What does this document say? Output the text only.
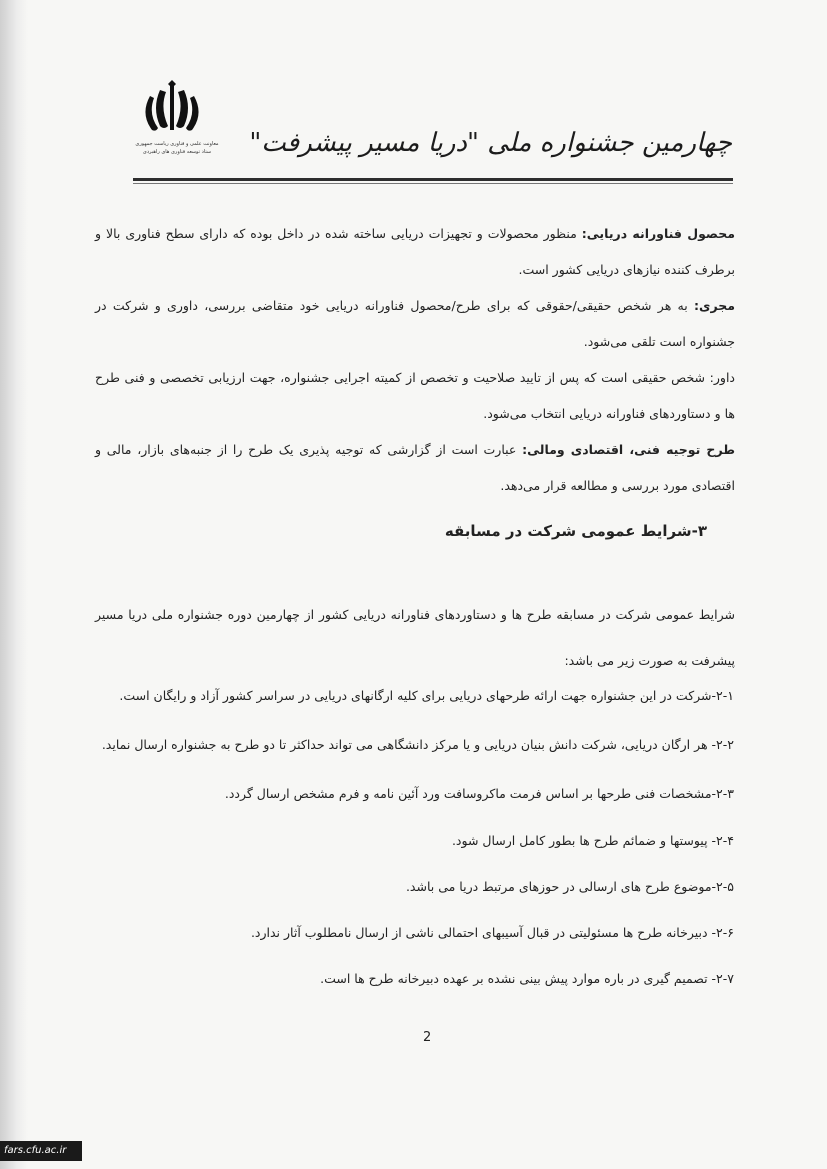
معاونت علمی و فناوری ریاست جمهوری ستاد توسعه فناوری های راهبردی	چهارمین جشنواره ملی "دریا مسیر پیشرفت"

محصول فناورانه دریایی: منظور محصولات و تجهیزات دریایی ساخته شده در داخل بوده که دارای سطح فناوری بالا و برطرف کننده نیازهای دریایی کشور است.

مجری: به هر شخص حقیقی/حقوقی که برای طرح/محصول فناورانه دریایی خود متقاضی بررسی، داوری و شرکت در جشنواره است تلقی می‌شود.

داور: شخص حقیقی است که پس از تایید صلاحیت و تخصص از کمیته اجرایی جشنواره، جهت ارزیابی تخصصی و فنی طرح ها و دستاوردهای فناورانه دریایی انتخاب می‌شود.

طرح توجیه فنی، اقتصادی ومالی: عبارت است از گزارشی که توجیه پذیری یک طرح را از جنبه‌های بازار، مالی و اقتصادی مورد بررسی و مطالعه قرار می‌دهد.

۳-شرایط عمومی شرکت در مسابقه

شرایط عمومی شرکت در مسابقه طرح ها و دستاوردهای فناورانه دریایی کشور از چهارمین دوره جشنواره ملی دریا مسیر پیشرفت به صورت زیر می باشد:

۲-۱-شرکت در این جشنواره جهت ارائه طرحهای دریایی برای کلیه ارگانهای دریایی در سراسر کشور آزاد و رایگان است.
۲-۲- هر ارگان دریایی، شرکت دانش بنیان دریایی و یا مرکز دانشگاهی می تواند حداکثر تا دو طرح به جشنواره ارسال نماید.
۲-۳-مشخصات فنی طرحها بر اساس فرمت ماکروسافت ورد آئین نامه و فرم مشخص ارسال گردد.
۲-۴- پیوستها و ضمائم طرح ها بطور کامل ارسال شود.
۲-۵-موضوع طرح های ارسالی در حوزهای مرتبط دریا می باشد.
۲-۶- دبیرخانه طرح ها مسئولیتی در قبال آسیبهای احتمالی ناشی از ارسال نامطلوب آثار ندارد.
۲-۷- تصمیم گیری در باره موارد پیش بینی نشده بر عهده دبیرخانه طرح ها است.
2
fars.cfu.ac.ir
